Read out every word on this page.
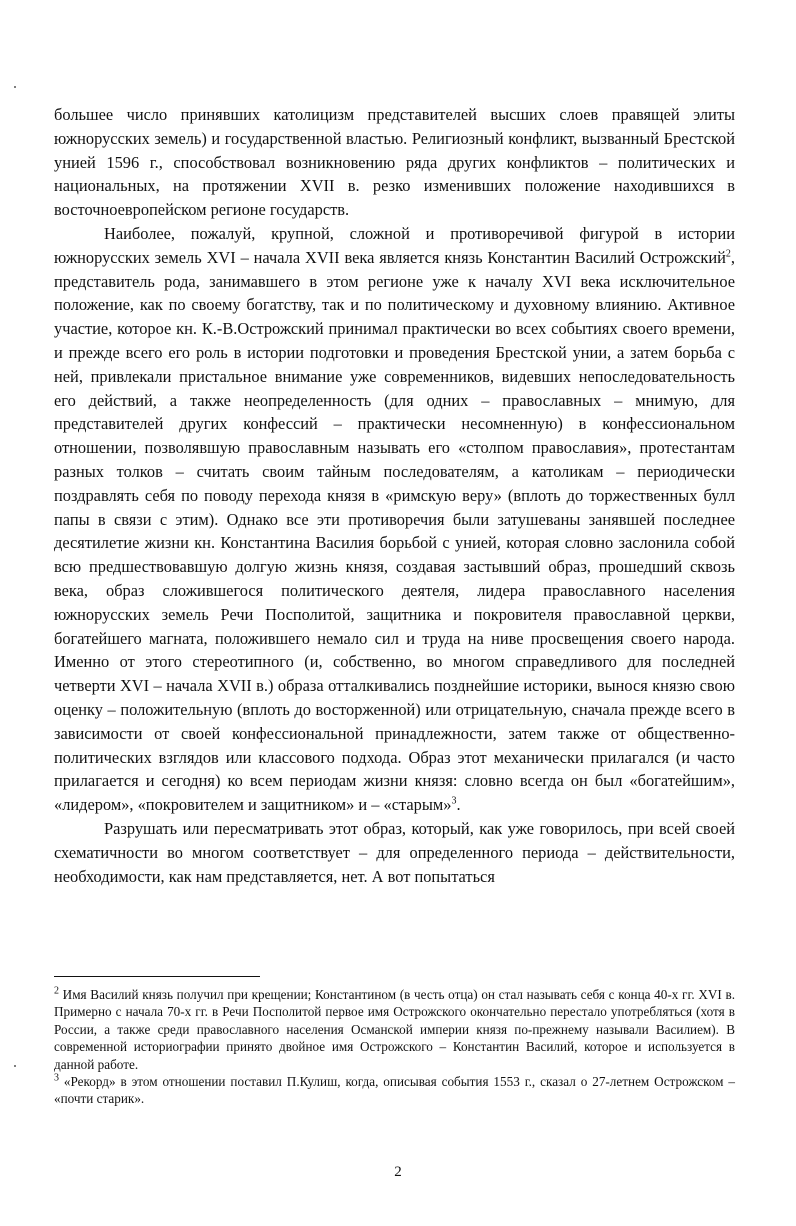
большее число принявших католицизм представителей высших слоев правящей элиты южнорусских земель) и государственной властью. Религиозный конфликт, вызванный Брестской унией 1596 г., способствовал возникновению ряда других конфликтов – политических и национальных, на протяжении XVII в. резко изменивших положение находившихся в восточноевропейском регионе государств.

Наиболее, пожалуй, крупной, сложной и противоречивой фигурой в истории южнорусских земель XVI – начала XVII века является князь Константин Василий Острожский$^2$, представитель рода, занимавшего в этом регионе уже к началу XVI века исключительное положение, как по своему богатству, так и по политическому и духовному влиянию. Активное участие, которое кн. К.-В.Острожский принимал практически во всех событиях своего времени, и прежде всего его роль в истории подготовки и проведения Брестской унии, а затем борьба с ней, привлекали пристальное внимание уже современников, видевших непоследовательность его действий, а также неопределенность (для одних – православных – мнимую, для представителей других конфессий – практически несомненную) в конфессиональном отношении, позволявшую православным называть его «столпом православия», протестантам разных толков – считать своим тайным последователям, а католикам – периодически поздравлять себя по поводу перехода князя в «римскую веру» (вплоть до торжественных булл папы в связи с этим). Однако все эти противоречия были затушеваны занявшей последнее десятилетие жизни кн. Константина Василия борьбой с унией, которая словно заслонила собой всю предшествовавшую долгую жизнь князя, создавая застывший образ, прошедший сквозь века, образ сложившегося политического деятеля, лидера православного населения южнорусских земель Речи Посполитой, защитника и покровителя православной церкви, богатейшего магната, положившего немало сил и труда на ниве просвещения своего народа. Именно от этого стереотипного (и, собственно, во многом справедливого для последней четверти XVI – начала XVII в.) образа отталкивались позднейшие историки, вынося князю свою оценку – положительную (вплоть до восторженной) или отрицательную, сначала прежде всего в зависимости от своей конфессиональной принадлежности, затем также от общественно-политических взглядов или классового подхода. Образ этот механически прилагался (и часто прилагается и сегодня) ко всем периодам жизни князя: словно всегда он был «богатейшим», «лидером», «покровителем и защитником» и – «старым»$^3$.

Разрушать или пересматривать этот образ, который, как уже говорилось, при всей своей схематичности во многом соответствует – для определенного периода – действительности, необходимости, как нам представляется, нет. А вот попытаться

$^2$ Имя Василий князь получил при крещении; Константином (в честь отца) он стал называть себя с конца 40-х гг. XVI в. Примерно с начала 70-х гг. в Речи Посполитой первое имя Острожского окончательно перестало употребляться (хотя в России, а также среди православного населения Османской империи князя по-прежнему называли Василием). В современной историографии принято двойное имя Острожского – Константин Василий, которое и используется в данной работе.

$^3$ «Рекорд» в этом отношении поставил П.Кулиш, когда, описывая события 1553 г., сказал о 27-летнем Острожском – «почти старик».

2
